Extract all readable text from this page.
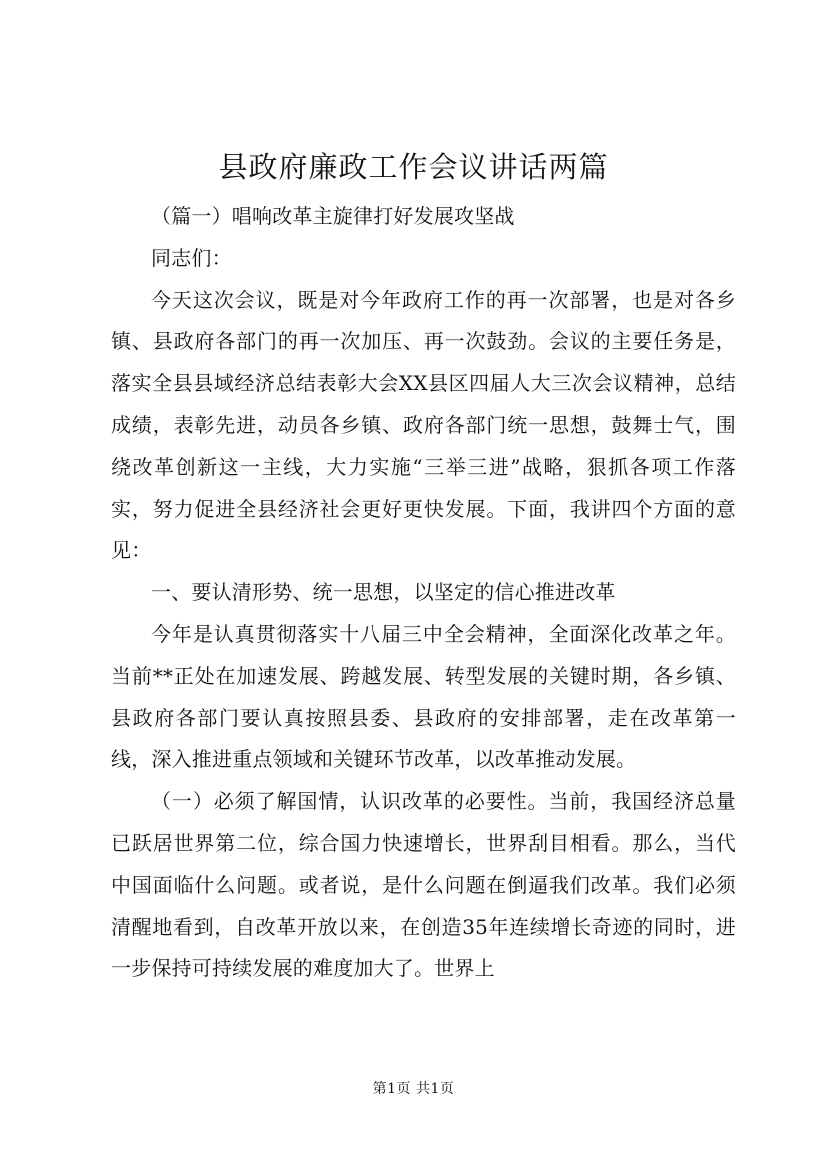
县政府廉政工作会议讲话两篇

（篇一）唱响改革主旋律打好发展攻坚战

同志们：

今天这次会议，既是对今年政府工作的再一次部署，也是对各乡镇、县政府各部门的再一次加压、再一次鼓劲。会议的主要任务是，落实全县县域经济总结表彰大会XX县区四届人大三次会议精神，总结成绩，表彰先进，动员各乡镇、政府各部门统一思想，鼓舞士气，围绕改革创新这一主线，大力实施“三举三进”战略，狠抓各项工作落实，努力促进全县经济社会更好更快发展。下面，我讲四个方面的意见：

一、要认清形势、统一思想，以坚定的信心推进改革

今年是认真贯彻落实十八届三中全会精神，全面深化改革之年。当前**正处在加速发展、跨越发展、转型发展的关键时期，各乡镇、县政府各部门要认真按照县委、县政府的安排部署，走在改革第一线，深入推进重点领域和关键环节改革，以改革推动发展。

（一）必须了解国情，认识改革的必要性。当前，我国经济总量已跃居世界第二位，综合国力快速增长，世界刮目相看。那么，当代中国面临什么问题。或者说，是什么问题在倒逼我们改革。我们必须清醒地看到，自改革开放以来，在创造35年连续增长奇迹的同时，进一步保持可持续发展的难度加大了。世界上

第1页 共1页
